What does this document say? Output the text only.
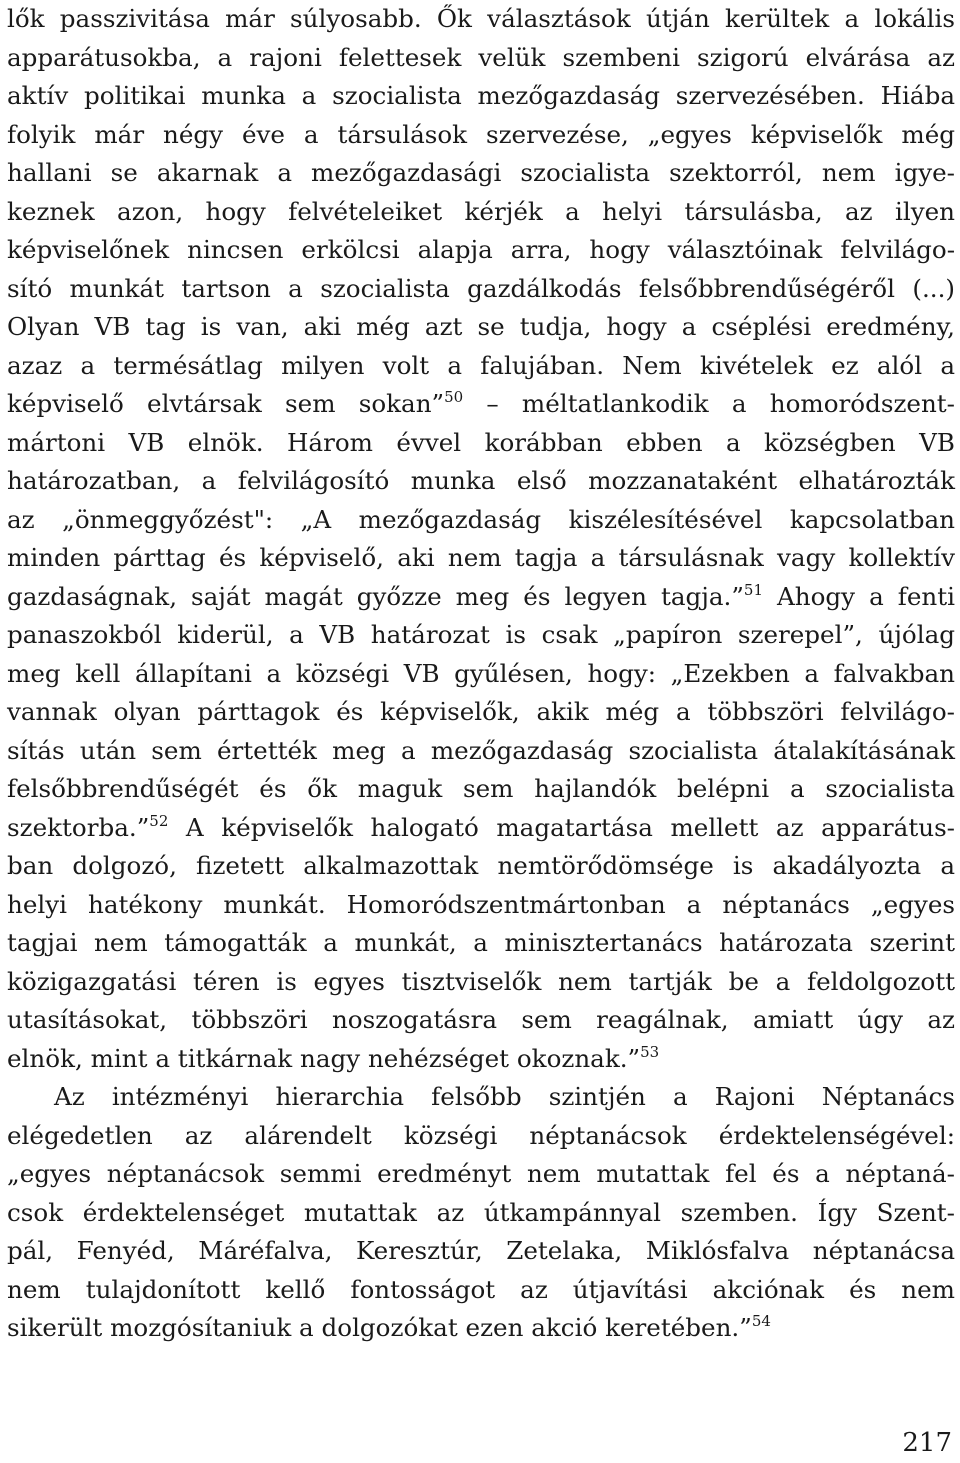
lők passzivitása már súlyosabb. Ők választások útján kerültek a lokális
apparátusokba, a rajoni felettesek velük szembeni szigorú elvárása az
aktív politikai munka a szocialista mezőgazdaság szervezésében. Hiába
folyik már négy éve a társulások szervezése, „egyes képviselők még
hallani se akarnak a mezőgazdasági szocialista szektorról, nem igye-
keznek azon, hogy felvételeiket kérjék a helyi társulásba, az ilyen
képviselőnek nincsen erkölcsi alapja arra, hogy választóinak felvilágo-
sító munkát tartson a szocialista gazdálkodás felsőbbrendűségéről (...)
Olyan VB tag is van, aki még azt se tudja, hogy a cséplési eredmény,
azaz a termésátlag milyen volt a falujában. Nem kivételek ez alól a
képviselő elvtársak sem sokan”$^{50}$ – méltatlankodik a homoródszent-
mártoni VB elnök. Három évvel korábban ebben a községben VB
határozatban, a felvilágosító munka első mozzanataként elhatározták
az „önmeggyőzést": „A mezőgazdaság kiszélesítésével kapcsolatban
minden párttag és képviselő, aki nem tagja a társulásnak vagy kollektív
gazdaságnak, saját magát győzze meg és legyen tagja.”$^{51}$ Ahogy a fenti
panaszokból kiderül, a VB határozat is csak „papíron szerepel”, újólag
meg kell állapítani a községi VB gyűlésen, hogy: „Ezekben a falvakban
vannak olyan párttagok és képviselők, akik még a többszöri felvilágo-
sítás után sem értették meg a mezőgazdaság szocialista átalakításának
felsőbbrendűségét és ők maguk sem hajlandók belépni a szocialista
szektorba.”$^{52}$ A képviselők halogató magatartása mellett az apparátus-
ban dolgozó, fizetett alkalmazottak nemtörődömsége is akadályozta a
helyi hatékony munkát. Homoródszentmártonban a néptanács „egyes
tagjai nem támogatták a munkát, a minisztertanács határozata szerint
közigazgatási téren is egyes tisztviselők nem tartják be a feldolgozott
utasításokat, többszöri noszogatásra sem reagálnak, amiatt úgy az
elnök, mint a titkárnak nagy nehézséget okoznak.”$^{53}$
Az intézményi hierarchia felsőbb szintjén a Rajoni Néptanács
elégedetlen az alárendelt községi néptanácsok érdektelenségével:
„egyes néptanácsok semmi eredményt nem mutattak fel és a néptaná-
csok érdektelenséget mutattak az útkampánnyal szemben. Így Szent-
pál, Fenyéd, Máréfalva, Keresztúr, Zetelaka, Miklósfalva néptanácsa
nem tulajdonított kellő fontosságot az útjavítási akciónak és nem
sikerült mozgósítaniuk a dolgozókat ezen akció keretében.”$^{54}$
217
